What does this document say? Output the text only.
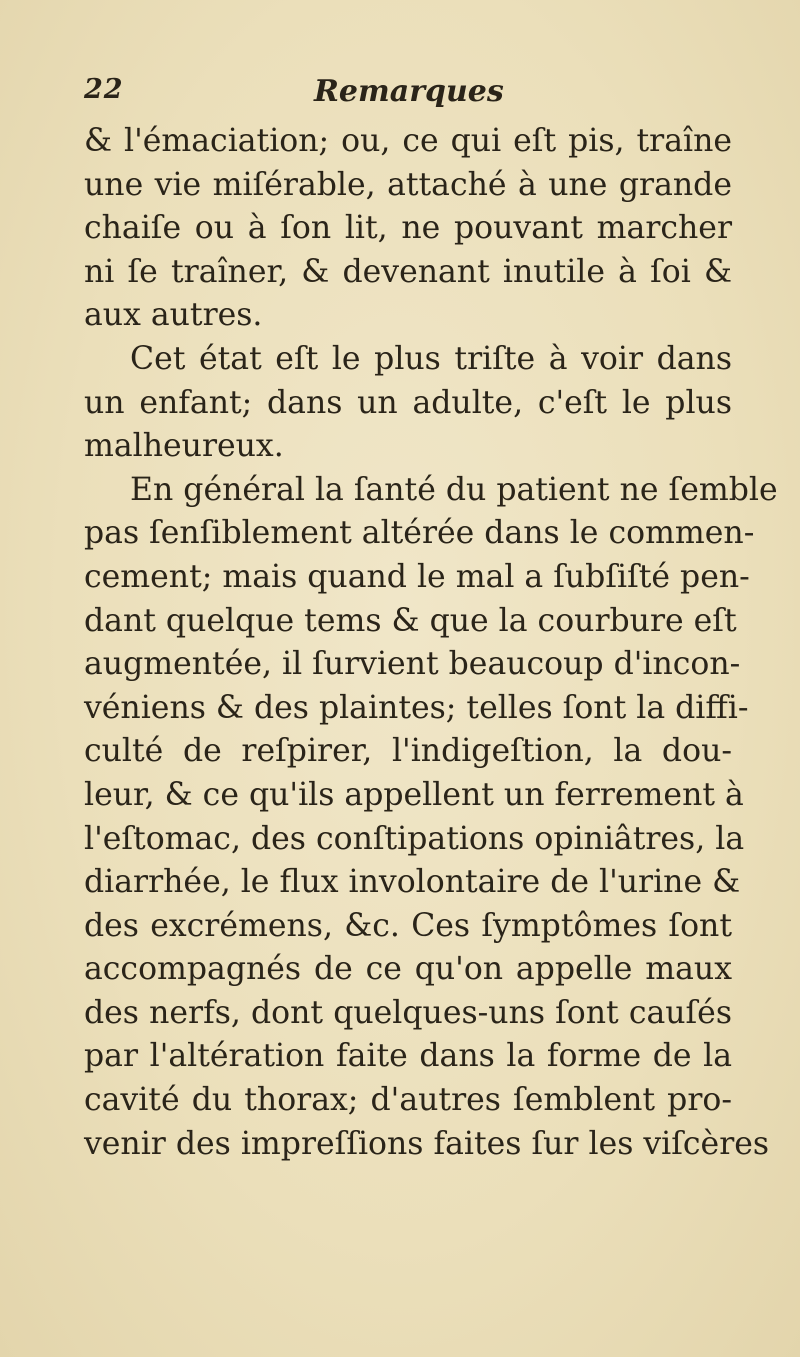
22	Remarques
& l'émaciation; ou, ce qui eſt pis, traîne
une vie miſérable, attaché à une grande
chaiſe ou à ſon lit, ne pouvant marcher
ni ſe traîner, & devenant inutile à ſoi &
aux autres.
Cet état eſt le plus triſte à voir dans
un enfant; dans un adulte, c'eſt le plus
malheureux.
En général la ſanté du patient ne ſemble
pas ſenſiblement altérée dans le commen-
cement; mais quand le mal a ſubſiſté pen-
dant quelque tems & que la courbure eſt
augmentée, il ſurvient beaucoup d'incon-
véniens & des plaintes; telles ſont la diffi-
culté de reſpirer, l'indigeſtion, la dou-
leur, & ce qu'ils appellent un ferrement à
l'eſtomac, des conſtipations opiniâtres, la
diarrhée, le flux involontaire de l'urine &
des excrémens, &c. Ces ſymptômes ſont
accompagnés de ce qu'on appelle maux
des nerfs, dont quelques-uns ſont cauſés
par l'altération faite dans la forme de la
cavité du thorax; d'autres ſemblent pro-
venir des impreſſions faites ſur les viſcères
